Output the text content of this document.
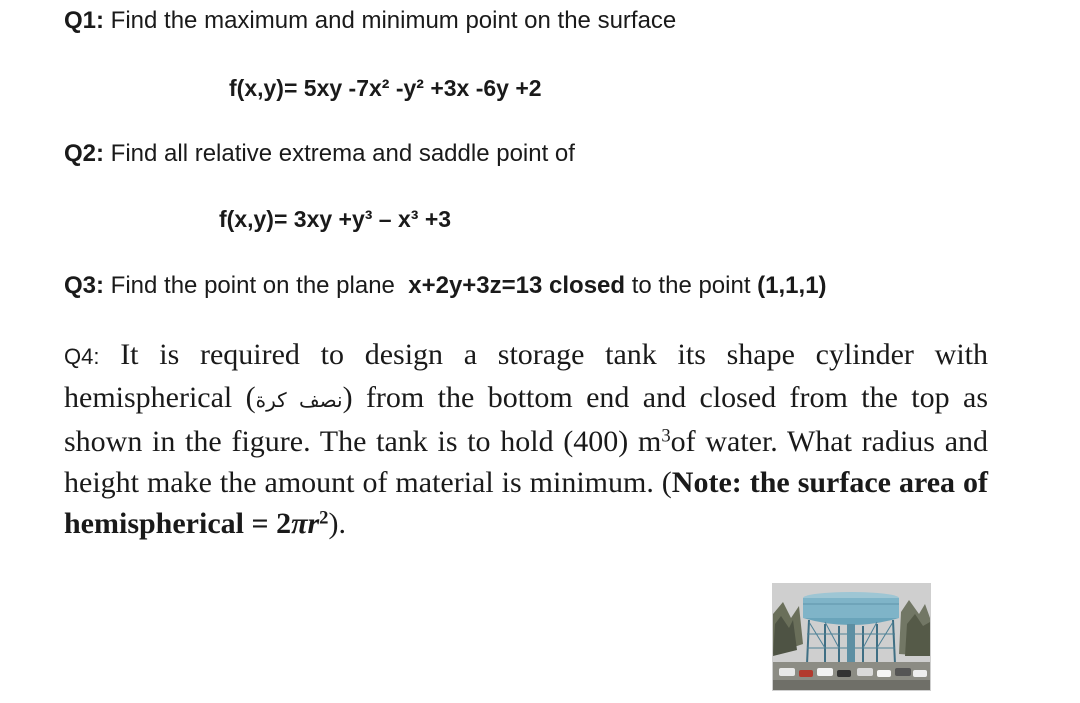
Q1: Find the maximum and minimum point on the surface
f(x,y)= 5xy -7x² -y² +3x -6y +2
Q2: Find all relative extrema and saddle point of
f(x,y)= 3xy +y³ – x³ +3
Q3: Find the point on the plane  x+2y+3z=13 closed to the point (1,1,1)
Q4: It is required to design a storage tank its shape cylinder with hemispherical (نصف كرة) from the bottom end and closed from the top as shown in the figure. The tank is to hold (400) $m^3of$ water. What radius and height make the amount of material is minimum. (Note: the surface area of hemispherical = $2\pi r^2$).
